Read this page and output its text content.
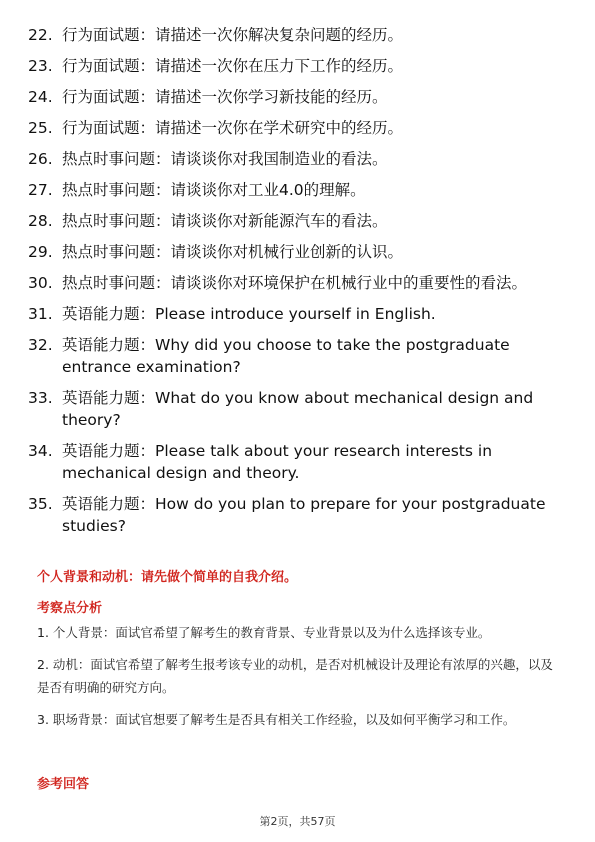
22. 行为面试题：请描述一次你解决复杂问题的经历。
23. 行为面试题：请描述一次你在压力下工作的经历。
24. 行为面试题：请描述一次你学习新技能的经历。
25. 行为面试题：请描述一次你在学术研究中的经历。
26. 热点时事问题：请谈谈你对我国制造业的看法。
27. 热点时事问题：请谈谈你对工业4.0的理解。
28. 热点时事问题：请谈谈你对新能源汽车的看法。
29. 热点时事问题：请谈谈你对机械行业创新的认识。
30. 热点时事问题：请谈谈你对环境保护在机械行业中的重要性的看法。
31. 英语能力题：Please introduce yourself in English.
32. 英语能力题：Why did you choose to take the postgraduate entrance examination?
33. 英语能力题：What do you know about mechanical design and theory?
34. 英语能力题：Please talk about your research interests in mechanical design and theory.
35. 英语能力题：How do you plan to prepare for your postgraduate studies?
个人背景和动机：请先做个简单的自我介绍。
考察点分析

1. 个人背景：面试官希望了解考生的教育背景、专业背景以及为什么选择该专业。

2. 动机：面试官希望了解考生报考该专业的动机，是否对机械设计及理论有浓厚的兴趣，以及是否有明确的研究方向。

3. 职场背景：面试官想要了解考生是否具有相关工作经验，以及如何平衡学习和工作。

参考回答
第2页，共57页
